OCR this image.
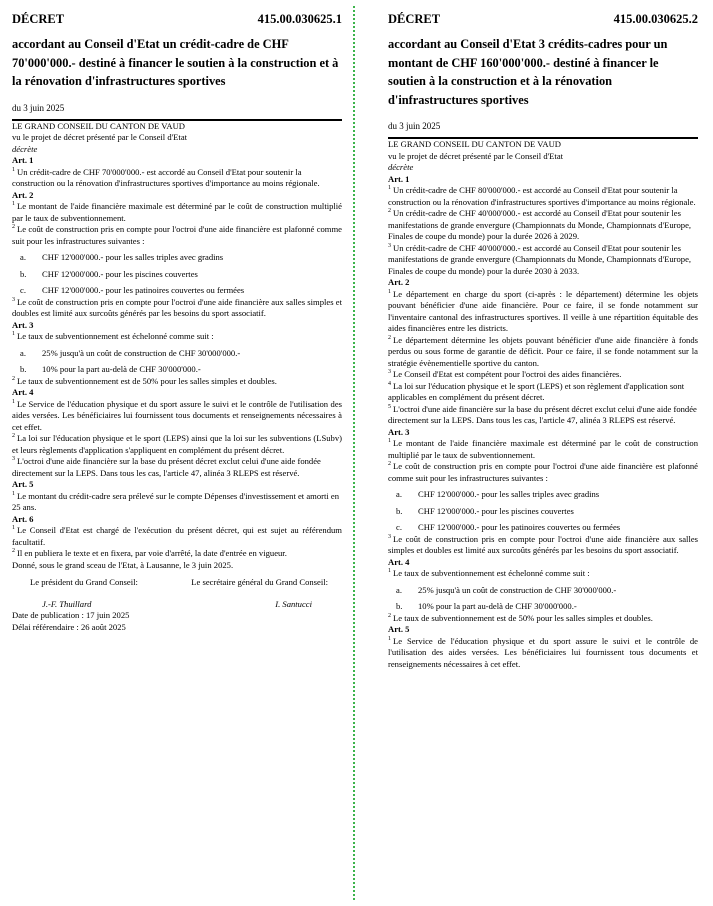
DÉCRET	415.00.030625.1
accordant au Conseil d'Etat un crédit-cadre de CHF 70'000'000.- destiné à financer le soutien à la construction et à la rénovation d'infrastructures sportives
du 3 juin 2025

LE GRAND CONSEIL DU CANTON DE VAUD

vu le projet de décret présenté par le Conseil d'Etat

décrète

Art. 1

$^1$ Un crédit-cadre de CHF 70'000'000.- est accordé au Conseil d'Etat pour soutenir la construction ou la rénovation d'infrastructures sportives d'importance au moins régionale.

Art. 2

$^1$ Le montant de l'aide financière maximale est déterminé par le coût de construction multiplié par le taux de subventionnement.

$^2$ Le coût de construction pris en compte pour l'octroi d'une aide financière est plafonné comme suit pour les infrastructures suivantes :

a.	CHF 12'000'000.- pour les salles triples avec gradins
b.	CHF 12'000'000.- pour les piscines couvertes
c.	CHF 12'000'000.- pour les patinoires couvertes ou fermées

$^3$ Le coût de construction pris en compte pour l'octroi d'une aide financière aux salles simples et doubles est limité aux surcoûts générés par les besoins du sport associatif.

Art. 3

$^1$ Le taux de subventionnement est échelonné comme suit :

a.	25% jusqu'à un coût de construction de CHF 30'000'000.-
b.	10% pour la part au-delà de CHF 30'000'000.-

$^2$ Le taux de subventionnement est de 50% pour les salles simples et doubles.

Art. 4

$^1$ Le Service de l'éducation physique et du sport assure le suivi et le contrôle de l'utilisation des aides versées. Les bénéficiaires lui fournissent tous documents et renseignements nécessaires à cet effet.

$^2$ La loi sur l'éducation physique et le sport (LEPS) ainsi que la loi sur les subventions (LSubv) et leurs règlements d'application s'appliquent en complément du présent décret.

$^3$ L'octroi d'une aide financière sur la base du présent décret exclut celui d'une aide fondée directement sur la LEPS. Dans tous les cas, l'article 47, alinéa 3 RLEPS est réservé.

Art. 5

$^1$ Le montant du crédit-cadre sera prélevé sur le compte Dépenses d'investissement et amorti en 25 ans.

Art. 6

$^1$ Le Conseil d'Etat est chargé de l'exécution du présent décret, qui est sujet au référendum facultatif.

$^2$ Il en publiera le texte et en fixera, par voie d'arrêté, la date d'entrée en vigueur.

Donné, sous le grand sceau de l'Etat, à Lausanne, le 3 juin 2025.

Le président du Grand Conseil:	Le secrétaire général du Grand Conseil:
J.-F. Thuillard	I. Santucci

Date de publication : 17 juin 2025

Délai référendaire : 26 août 2025

DÉCRET	415.00.030625.2
accordant au Conseil d'Etat 3 crédits-cadres pour un montant de CHF 160'000'000.- destiné à financer le soutien à la construction et à la rénovation d'infrastructures sportives
du 3 juin 2025

LE GRAND CONSEIL DU CANTON DE VAUD

vu le projet de décret présenté par le Conseil d'Etat

décrète

Art. 1

$^1$ Un crédit-cadre de CHF 80'000'000.- est accordé au Conseil d'Etat pour soutenir la construction ou la rénovation d'infrastructures sportives d'importance au moins régionale.

$^2$ Un crédit-cadre de CHF 40'000'000.- est accordé au Conseil d'Etat pour soutenir les manifestations de grande envergure (Championnats du Monde, Championnats d'Europe, Finales de coupe du monde) pour la durée 2026 à 2029.

$^3$ Un crédit-cadre de CHF 40'000'000.- est accordé au Conseil d'Etat pour soutenir les manifestations de grande envergure (Championnats du Monde, Championnats d'Europe, Finales de coupe du monde) pour la durée 2030 à 2033.

Art. 2

$^1$ Le département en charge du sport (ci-après : le département) détermine les objets pouvant bénéficier d'une aide financière. Pour ce faire, il se fonde notamment sur l'inventaire cantonal des infrastructures sportives. Il veille à une répartition équitable des aides financières entre les districts.

$^2$ Le département détermine les objets pouvant bénéficier d'une aide financière à fonds perdus ou sous forme de garantie de déficit. Pour ce faire, il se fonde notamment sur la stratégie évènementielle sportive du canton.

$^3$ Le Conseil d'Etat est compétent pour l'octroi des aides financières.

$^4$ La loi sur l'éducation physique et le sport (LEPS) et son règlement d'application sont applicables en complément du présent décret.

$^5$ L'octroi d'une aide financière sur la base du présent décret exclut celui d'une aide fondée directement sur la LEPS. Dans tous les cas, l'article 47, alinéa 3 RLEPS est réservé.

Art. 3

$^1$ Le montant de l'aide financière maximale est déterminé par le coût de construction multiplié par le taux de subventionnement.

$^2$ Le coût de construction pris en compte pour l'octroi d'une aide financière est plafonné comme suit pour les infrastructures suivantes :

a.	CHF 12'000'000.- pour les salles triples avec gradins
b.	CHF 12'000'000.- pour les piscines couvertes
c.	CHF 12'000'000.- pour les patinoires couvertes ou fermées

$^3$ Le coût de construction pris en compte pour l'octroi d'une aide financière aux salles simples et doubles est limité aux surcoûts générés par les besoins du sport associatif.

Art. 4

$^1$ Le taux de subventionnement est échelonné comme suit :

a.	25% jusqu'à un coût de construction de CHF 30'000'000.-
b.	10% pour la part au-delà de CHF 30'000'000.-

$^2$ Le taux de subventionnement est de 50% pour les salles simples et doubles.

Art. 5

$^1$ Le Service de l'éducation physique et du sport assure le suivi et le contrôle de l'utilisation des aides versées. Les bénéficiaires lui fournissent tous documents et renseignements nécessaires à cet effet.
